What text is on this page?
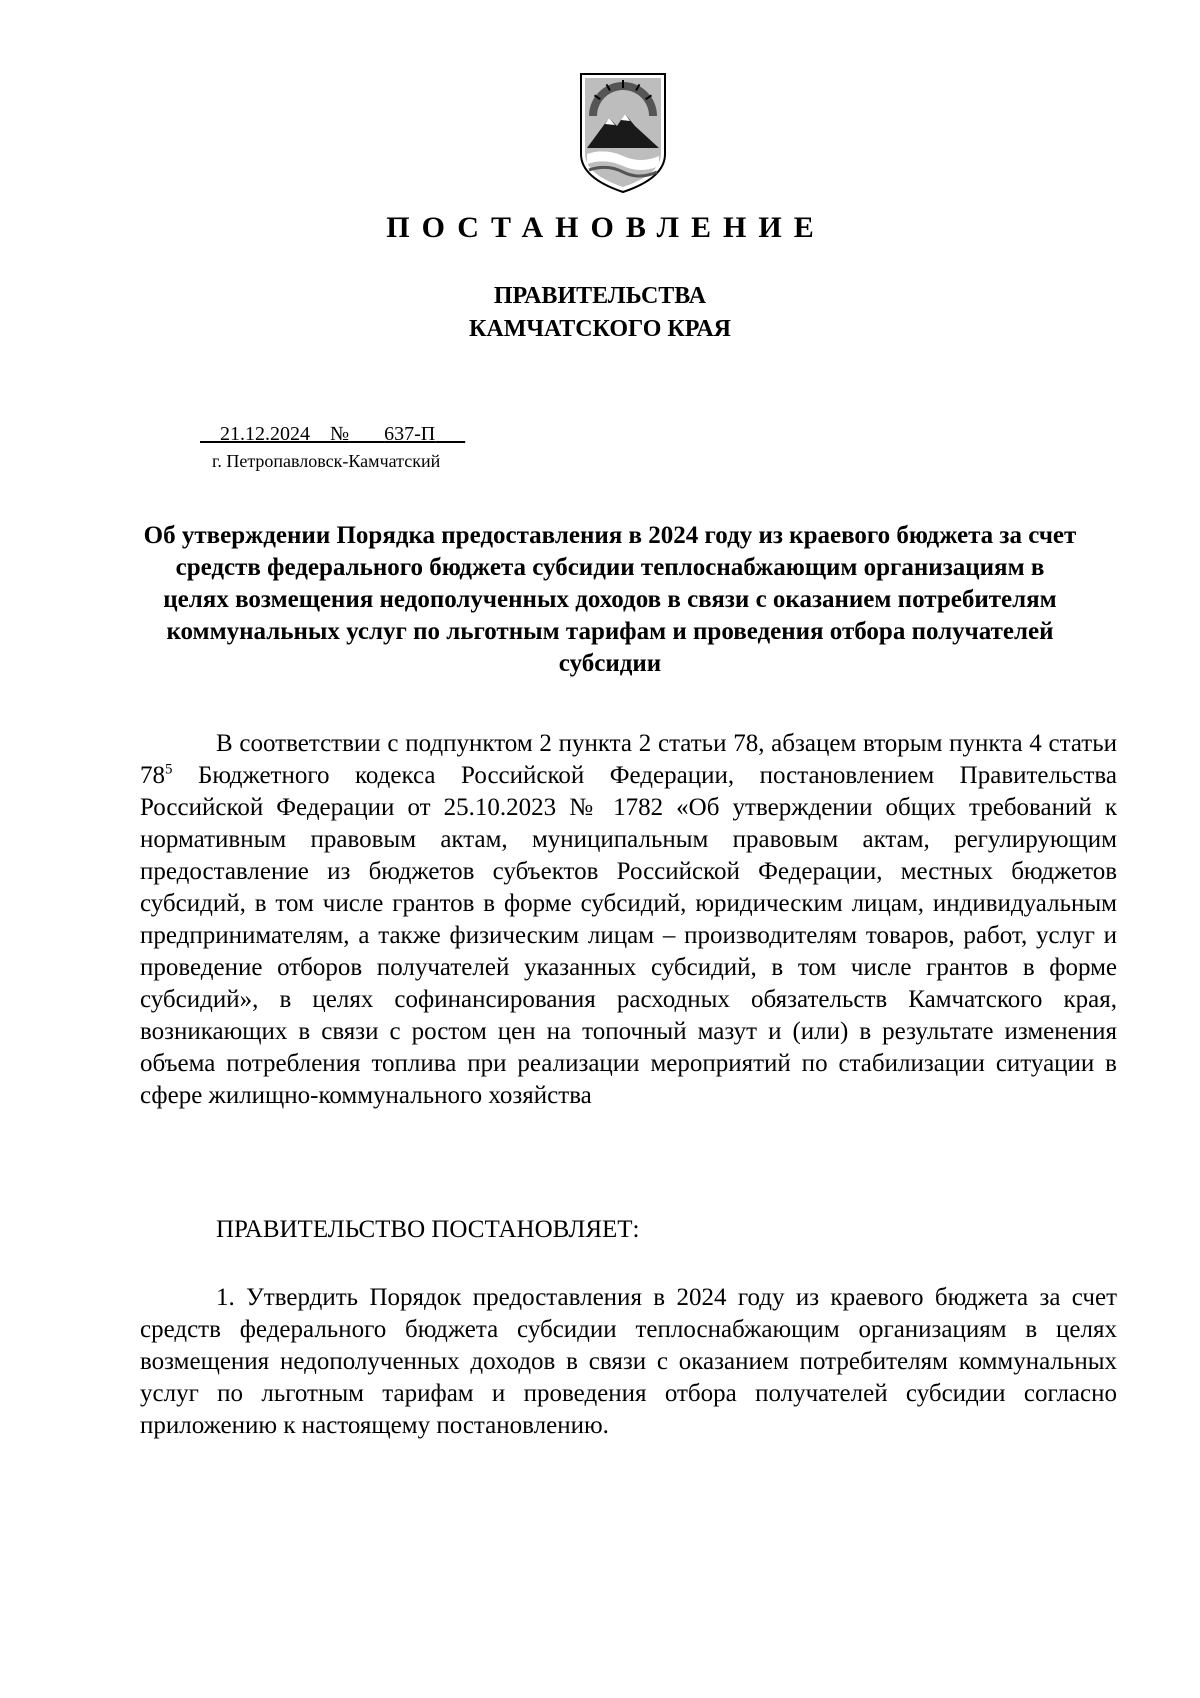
ПОСТАНОВЛЕНИЕ
ПРАВИТЕЛЬСТВА
КАМЧАТСКОГО КРАЯ
21.12.2024 № 637-П
г. Петропавловск-Камчатский
Об утверждении Порядка предоставления в 2024 году из краевого бюджета за счет средств федерального бюджета субсидии теплоснабжающим организациям в целях возмещения недополученных доходов в связи с оказанием потребителям коммунальных услуг по льготным тарифам и проведения отбора получателей субсидии
В соответствии с подпунктом 2 пункта 2 статьи 78, абзацем вторым пункта 4 статьи $78^5$ Бюджетного кодекса Российской Федерации, постановлением Правительства Российской Федерации от 25.10.2023 № 1782 «Об утверждении общих требований к нормативным правовым актам, муниципальным правовым актам, регулирующим предоставление из бюджетов субъектов Российской Федерации, местных бюджетов субсидий, в том числе грантов в форме субсидий, юридическим лицам, индивидуальным предпринимателям, а также физическим лицам – производителям товаров, работ, услуг и проведение отборов получателей указанных субсидий, в том числе грантов в форме субсидий», в целях софинансирования расходных обязательств Камчатского края, возникающих в связи с ростом цен на топочный мазут и (или) в результате изменения объема потребления топлива при реализации мероприятий по стабилизации ситуации в сфере жилищно-коммунального хозяйства
ПРАВИТЕЛЬСТВО ПОСТАНОВЛЯЕТ:
1. Утвердить Порядок предоставления в 2024 году из краевого бюджета за счет средств федерального бюджета субсидии теплоснабжающим организациям в целях возмещения недополученных доходов в связи с оказанием потребителям коммунальных услуг по льготным тарифам и проведения отбора получателей субсидии согласно приложению к настоящему постановлению.
